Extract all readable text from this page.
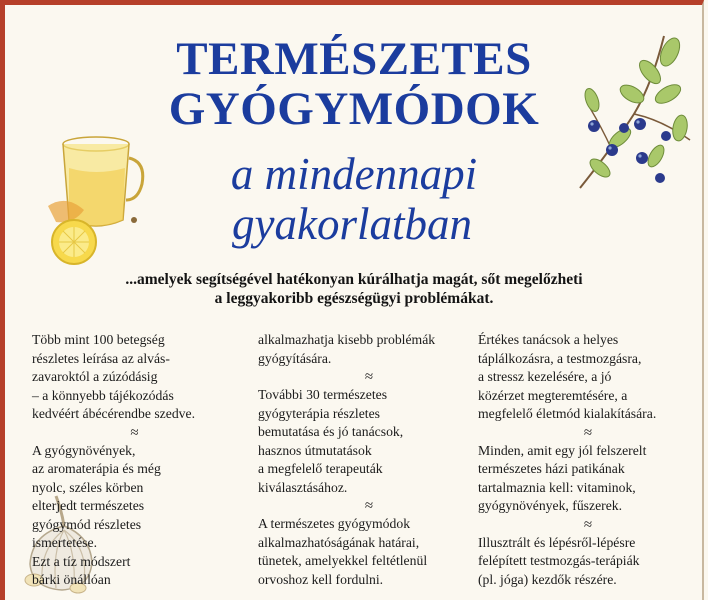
TERMÉSZETES
GYÓGYMÓDOK
a mindennapi
gyakorlatban
...amelyek segítségével hatékonyan kúrálhatja magát, sőt megelőzheti
a leggyakoribb egészségügyi problémákat.

Több mint 100 betegség

részletes leírása az alvás-

zavaroktól a zúzódásig

– a könnyebb tájékozódás

kedvéért ábécérendbe szedve.

≈

A gyógynövények,

az aromaterápia és még

nyolc, széles körben

elterjedt természetes

gyógymód részletes

ismertetése.

Ezt a tíz módszert

bárki önállóan

alkalmazhatja kisebb problémák

gyógyítására.

≈

További 30 természetes

gyógyterápia részletes

bemutatása és jó tanácsok,

hasznos útmutatások

a megfelelő terapeuták

kiválasztásához.

≈

A természetes gyógymódok

alkalmazhatóságának határai,

tünetek, amelyekkel feltétlenül

orvoshoz kell fordulni.

Értékes tanácsok a helyes

táplálkozásra, a testmozgásra,

a stressz kezelésére, a jó

közérzet megteremtésére, a

megfelelő életmód kialakítására.

≈

Minden, amit egy jól felszerelt

természetes házi patikának

tartalmaznia kell: vitaminok,

gyógynövények, fűszerek.

≈

Illusztrált és lépésről-lépésre

felépített testmozgás-terápiák

(pl. jóga) kezdők részére.
